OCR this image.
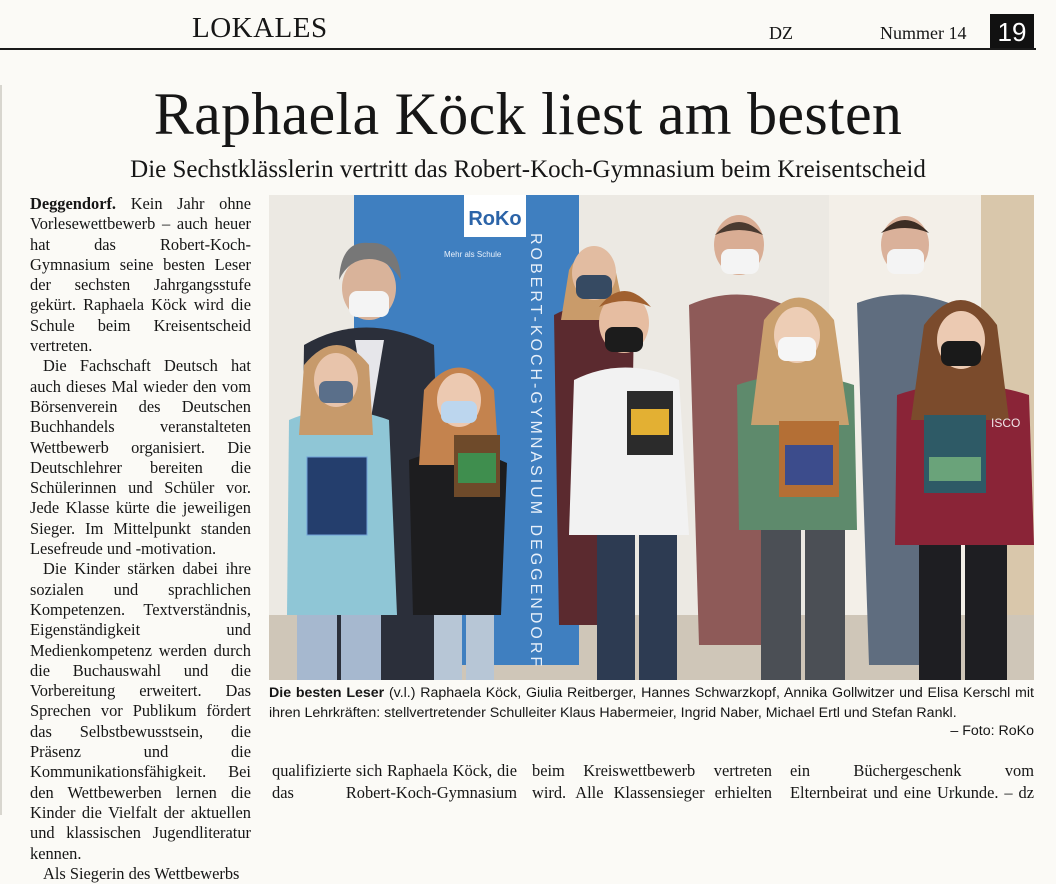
LOKALES	DZ	Nummer 14 19
Raphaela Köck liest am besten
Die Sechstklässlerin vertritt das Robert-Koch-Gymnasium beim Kreisentscheid

Deggendorf. Kein Jahr ohne Vorlesewettbewerb – auch heuer hat das Robert-Koch-Gymnasium seine besten Leser der sechsten Jahrgangsstufe gekürt. Raphaela Köck wird die Schule beim Kreisentscheid vertreten.

Die Fachschaft Deutsch hat auch dieses Mal wieder den vom Börsenverein des Deutschen Buchhandels veranstalteten Wettbewerb organisiert. Die Deutschlehrer bereiten die Schülerinnen und Schüler vor. Jede Klasse kürte die jeweiligen Sieger. Im Mittelpunkt standen Lesefreude und -motivation.

Die Kinder stärken dabei ihre sozialen und sprachlichen Kompetenzen. Textverständnis, Eigenständigkeit und Medienkompetenz werden durch die Buchauswahl und die Vorbereitung erweitert. Das Sprechen vor Publikum fördert das Selbstbewusstsein, die Präsenz und die Kommunikationsfähigkeit. Bei den Wettbewerben lernen die Kinder die Vielfalt der aktuellen und klassischen Jugendliteratur kennen.

Als Siegerin des Wettbewerbs

RoKo
Mehr als Schule ROBERT-KOCH-GYMNASIUM DEGGENDORF	ISCO
Die besten Leser (v.l.) Raphaela Köck, Giulia Reitberger, Hannes Schwarzkopf, Annika Gollwitzer und Elisa Kerschl mit ihren Lehrkräften: stellvertretender Schulleiter Klaus Habermeier, Ingrid Naber, Michael Ertl und Stefan Rankl.
– Foto: RoKo
qualifizierte sich Raphaela Köck, die das Robert-Koch-Gymnasium
beim Kreiswettbewerb vertreten wird. Alle Klassensieger erhielten
ein Büchergeschenk vom Elternbeirat und eine Urkunde. – dz
